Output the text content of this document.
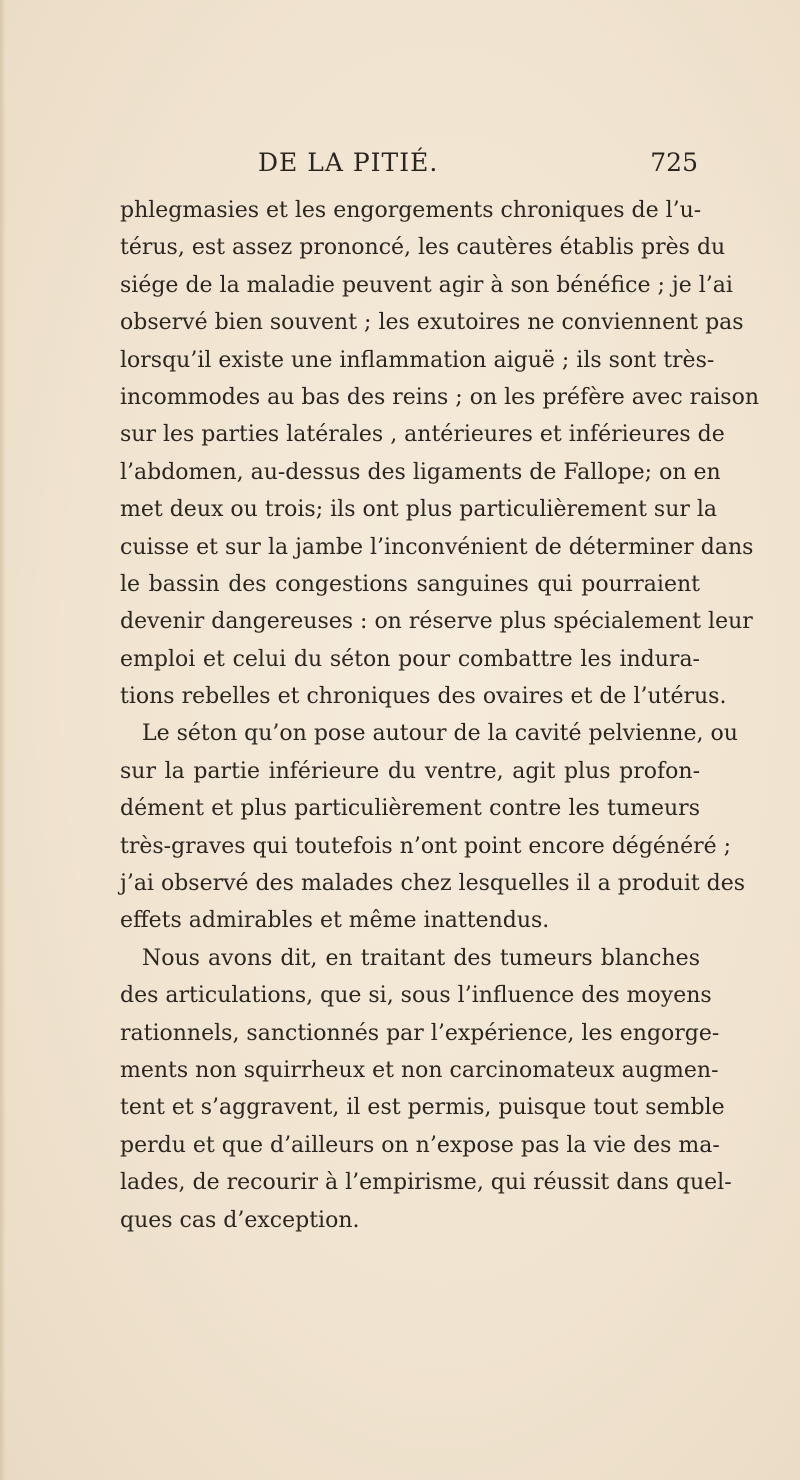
DE LA PITIÉ.	725
phlegmasies et les engorgements chroniques de l’u-
térus, est assez prononcé, les cautères établis près du
siége de la maladie peuvent agir à son bénéfice ; je l’ai
observé bien souvent ; les exutoires ne conviennent pas
lorsqu’il existe une inflammation aiguë ; ils sont très-
incommodes au bas des reins ; on les préfère avec raison
sur les parties latérales , antérieures et inférieures de
l’abdomen, au-dessus des ligaments de Fallope; on en
met deux ou trois; ils ont plus particulièrement sur la
cuisse et sur la jambe l’inconvénient de déterminer dans
le bassin des congestions sanguines qui pourraient
devenir dangereuses : on réserve plus spécialement leur
emploi et celui du séton pour combattre les indura-
tions rebelles et chroniques des ovaires et de l’utérus.
Le séton qu’on pose autour de la cavité pelvienne, ou
sur la partie inférieure du ventre, agit plus profon-
dément et plus particulièrement contre les tumeurs
très-graves qui toutefois n’ont point encore dégénéré ;
j’ai observé des malades chez lesquelles il a produit des
effets admirables et même inattendus.
Nous avons dit, en traitant des tumeurs blanches
des articulations, que si, sous l’influence des moyens
rationnels, sanctionnés par l’expérience, les engorge-
ments non squirrheux et non carcinomateux augmen-
tent et s’aggravent, il est permis, puisque tout semble
perdu et que d’ailleurs on n’expose pas la vie des ma-
lades, de recourir à l’empirisme, qui réussit dans quel-
ques cas d’exception.
